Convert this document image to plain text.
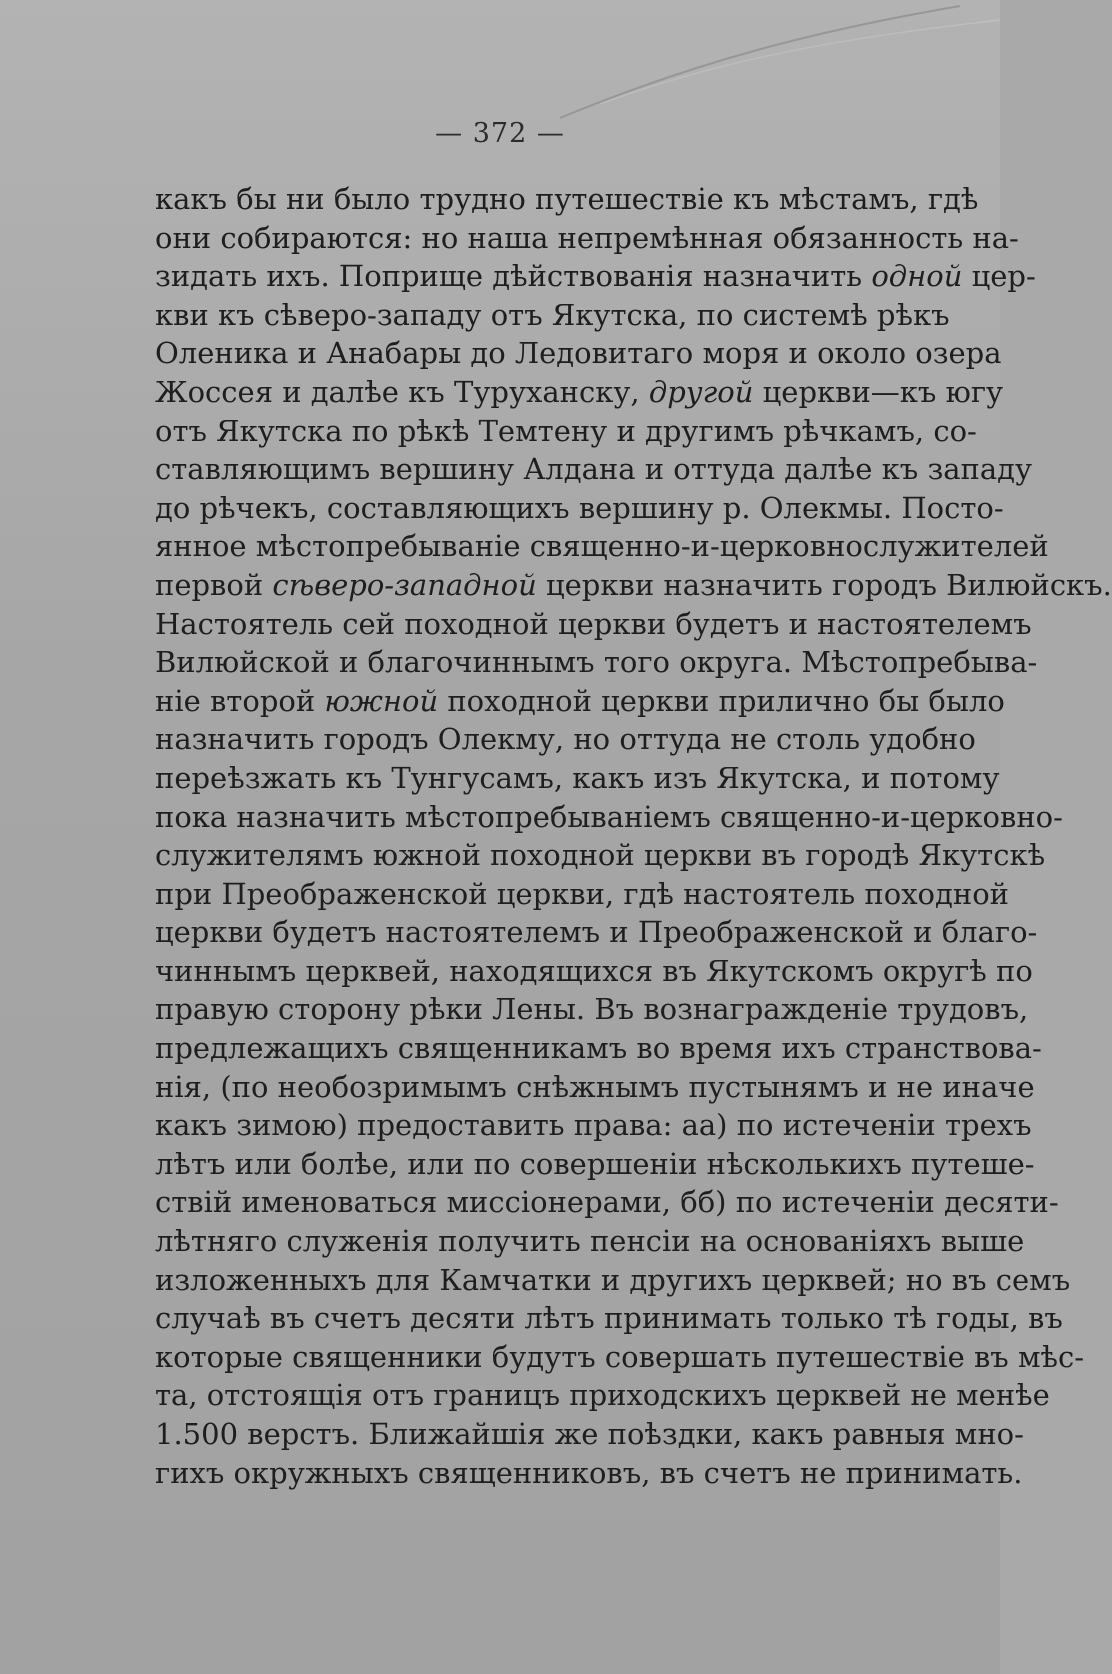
— 372 —
какъ бы ни было трудно путешествіе къ мѣстамъ, гдѣ
они собираются: но наша непремѣнная обязанность на-
зидать ихъ. Поприще дѣйствованія назначить одной цер-
кви къ сѣверо-западу отъ Якутска, по системѣ рѣкъ
Оленика и Анабары до Ледовитаго моря и около озера
Жоссея и далѣе къ Туруханску, другой церкви—къ югу
отъ Якутска по рѣкѣ Темтену и другимъ рѣчкамъ, со-
ставляющимъ вершину Алдана и оттуда далѣе къ западу
до рѣчекъ, составляющихъ вершину р. Олекмы. Посто-
янное мѣстопребываніе священно-и-церковнослужителей
первой сѣверо-западной церкви назначить городъ Вилюйскъ.
Настоятель сей походной церкви будетъ и настоятелемъ
Вилюйской и благочиннымъ того округа. Мѣстопребыва-
ніе второй южной походной церкви прилично бы было
назначить городъ Олекму, но оттуда не столь удобно
переѣзжать къ Тунгусамъ, какъ изъ Якутска, и потому
пока назначить мѣстопребываніемъ священно-и-церковно-
служителямъ южной походной церкви въ городѣ Якутскѣ
при Преображенской церкви, гдѣ настоятель походной
церкви будетъ настоятелемъ и Преображенской и благо-
чиннымъ церквей, находящихся въ Якутскомъ округѣ по
правую сторону рѣки Лены. Въ вознагражденіе трудовъ,
предлежащихъ священникамъ во время ихъ странствова-
нія, (по необозримымъ снѣжнымъ пустынямъ и не иначе
какъ зимою) предоставить права: аа) по истеченіи трехъ
лѣтъ или болѣе, или по совершеніи нѣсколькихъ путеше-
ствій именоваться миссіонерами, бб) по истеченіи десяти-
лѣтняго служенія получить пенсіи на основаніяхъ выше
изложенныхъ для Камчатки и другихъ церквей; но въ семъ
случаѣ въ счетъ десяти лѣтъ принимать только тѣ годы, въ
которые священники будутъ совершать путешествіе въ мѣс-
та, отстоящія отъ границъ приходскихъ церквей не менѣе
1.500 верстъ. Ближайшія же поѣздки, какъ равныя мно-
гихъ окружныхъ священниковъ, въ счетъ не принимать.
